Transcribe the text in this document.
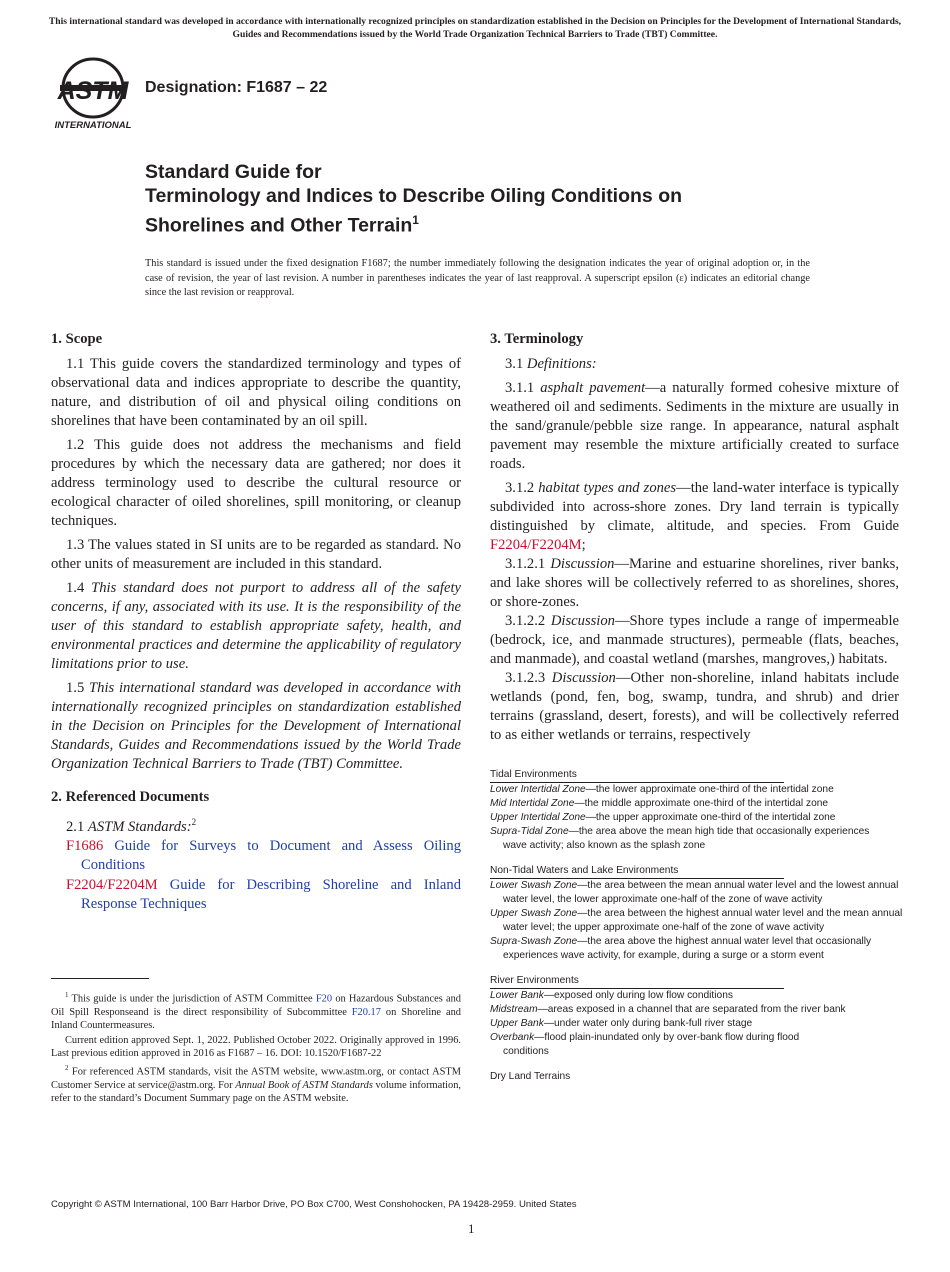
This international standard was developed in accordance with internationally recognized principles on standardization established in the Decision on Principles for the Development of International Standards, Guides and Recommendations issued by the World Trade Organization Technical Barriers to Trade (TBT) Committee.
ASTM
INTERNATIONAL
Designation: F1687 – 22
Standard Guide for
Terminology and Indices to Describe Oiling Conditions on
Shorelines and Other Terrain$^1$
This standard is issued under the fixed designation F1687; the number immediately following the designation indicates the year of original adoption or, in the case of revision, the year of last revision. A number in parentheses indicates the year of last reapproval. A superscript epsilon (ε) indicates an editorial change since the last revision or reapproval.
1. Scope

1.1 This guide covers the standardized terminology and types of observational data and indices appropriate to describe the quantity, nature, and distribution of oil and physical oiling conditions on shorelines that have been contaminated by an oil spill.

1.2 This guide does not address the mechanisms and field procedures by which the necessary data are gathered; nor does it address terminology used to describe the cultural resource or ecological character of oiled shorelines, spill monitoring, or cleanup techniques.

1.3 The values stated in SI units are to be regarded as standard. No other units of measurement are included in this standard.

1.4 This standard does not purport to address all of the safety concerns, if any, associated with its use. It is the responsibility of the user of this standard to establish appropriate safety, health, and environmental practices and determine the applicability of regulatory limitations prior to use.

1.5 This international standard was developed in accordance with internationally recognized principles on standardization established in the Decision on Principles for the Development of International Standards, Guides and Recommendations issued by the World Trade Organization Technical Barriers to Trade (TBT) Committee.

2. Referenced Documents

2.1 ASTM Standards:$^2$

F1686 Guide for Surveys to Document and Assess Oiling Conditions
F2204/F2204M Guide for Describing Shoreline and Inland Response Techniques

$^1$ This guide is under the jurisdiction of ASTM Committee F20 on Hazardous Substances and Oil Spill Responseand is the direct responsibility of Subcommittee F20.17 on Shoreline and Inland Countermeasures.

Current edition approved Sept. 1, 2022. Published October 2022. Originally approved in 1996. Last previous edition approved in 2016 as F1687 – 16. DOI: 10.1520/F1687-22

$^2$ For referenced ASTM standards, visit the ASTM website, www.astm.org, or contact ASTM Customer Service at service@astm.org. For Annual Book of ASTM Standards volume information, refer to the standard’s Document Summary page on the ASTM website.

3. Terminology

3.1 Definitions:

3.1.1 asphalt pavement—a naturally formed cohesive mixture of weathered oil and sediments. Sediments in the mixture are usually in the sand/granule/pebble size range. In appearance, natural asphalt pavement may resemble the mixture artificially created to surface roads.

3.1.2 habitat types and zones—the land-water interface is typically subdivided into across-shore zones. Dry land terrain is typically distinguished by climate, altitude, and species. From Guide F2204/F2204M;

3.1.2.1 Discussion—Marine and estuarine shorelines, river banks, and lake shores will be collectively referred to as shorelines, shores, or shore-zones.

3.1.2.2 Discussion—Shore types include a range of impermeable (bedrock, ice, and manmade structures), permeable (flats, beaches, and manmade), and coastal wetland (marshes, mangroves,) habitats.

3.1.2.3 Discussion—Other non-shoreline, inland habitats include wetlands (pond, fen, bog, swamp, tundra, and shrub) and drier terrains (grassland, desert, forests), and will be collectively referred to as either wetlands or terrains, respectively

Tidal Environments

Lower Intertidal Zone—the lower approximate one-third of the intertidal zone

Mid Intertidal Zone—the middle approximate one-third of the intertidal zone

Upper Intertidal Zone—the upper approximate one-third of the intertidal zone

Supra-Tidal Zone—the area above the mean high tide that occasionally experiences wave activity; also known as the splash zone

Non-Tidal Waters and Lake Environments

Lower Swash Zone—the area between the mean annual water level and the lowest annual water level, the lower approximate one-half of the zone of wave activity

Upper Swash Zone—the area between the highest annual water level and the mean annual water level; the upper approximate one-half of the zone of wave activity

Supra-Swash Zone—the area above the highest annual water level that occasionally experiences wave activity, for example, during a surge or a storm event

River Environments

Lower Bank—exposed only during low flow conditions

Midstream—areas exposed in a channel that are separated from the river bank

Upper Bank—under water only during bank-full river stage

Overbank—flood plain-inundated only by over-bank flow during flood conditions

Dry Land Terrains
Copyright © ASTM International, 100 Barr Harbor Drive, PO Box C700, West Conshohocken, PA 19428-2959. United States
1
